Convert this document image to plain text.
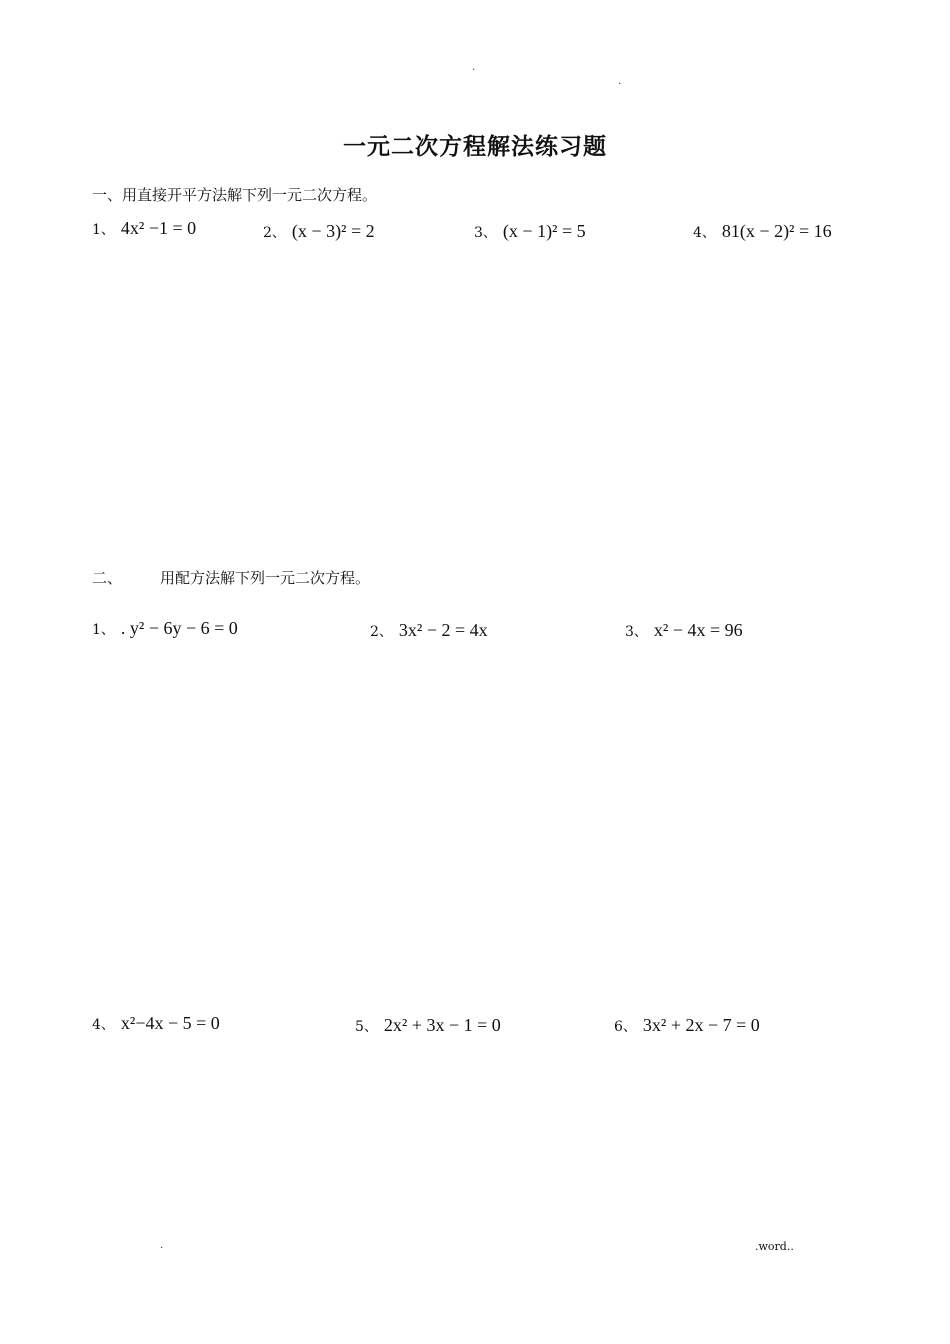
.
.
一元二次方程解法练习题
一、用直接开平方法解下列一元二次方程。
1、 4x² −1 = 0	2、 (x − 3)² = 2	3、 (x − 1)² = 5	4、 81(x − 2)² = 16
二、	用配方法解下列一元二次方程。
1、 . y² − 6y − 6 = 0	2、 3x² − 2 = 4x	3、 x² − 4x = 96
4、 x²−4x − 5 = 0	5、 2x² + 3x − 1 = 0	6、 3x² + 2x − 7 = 0
.	.word..
